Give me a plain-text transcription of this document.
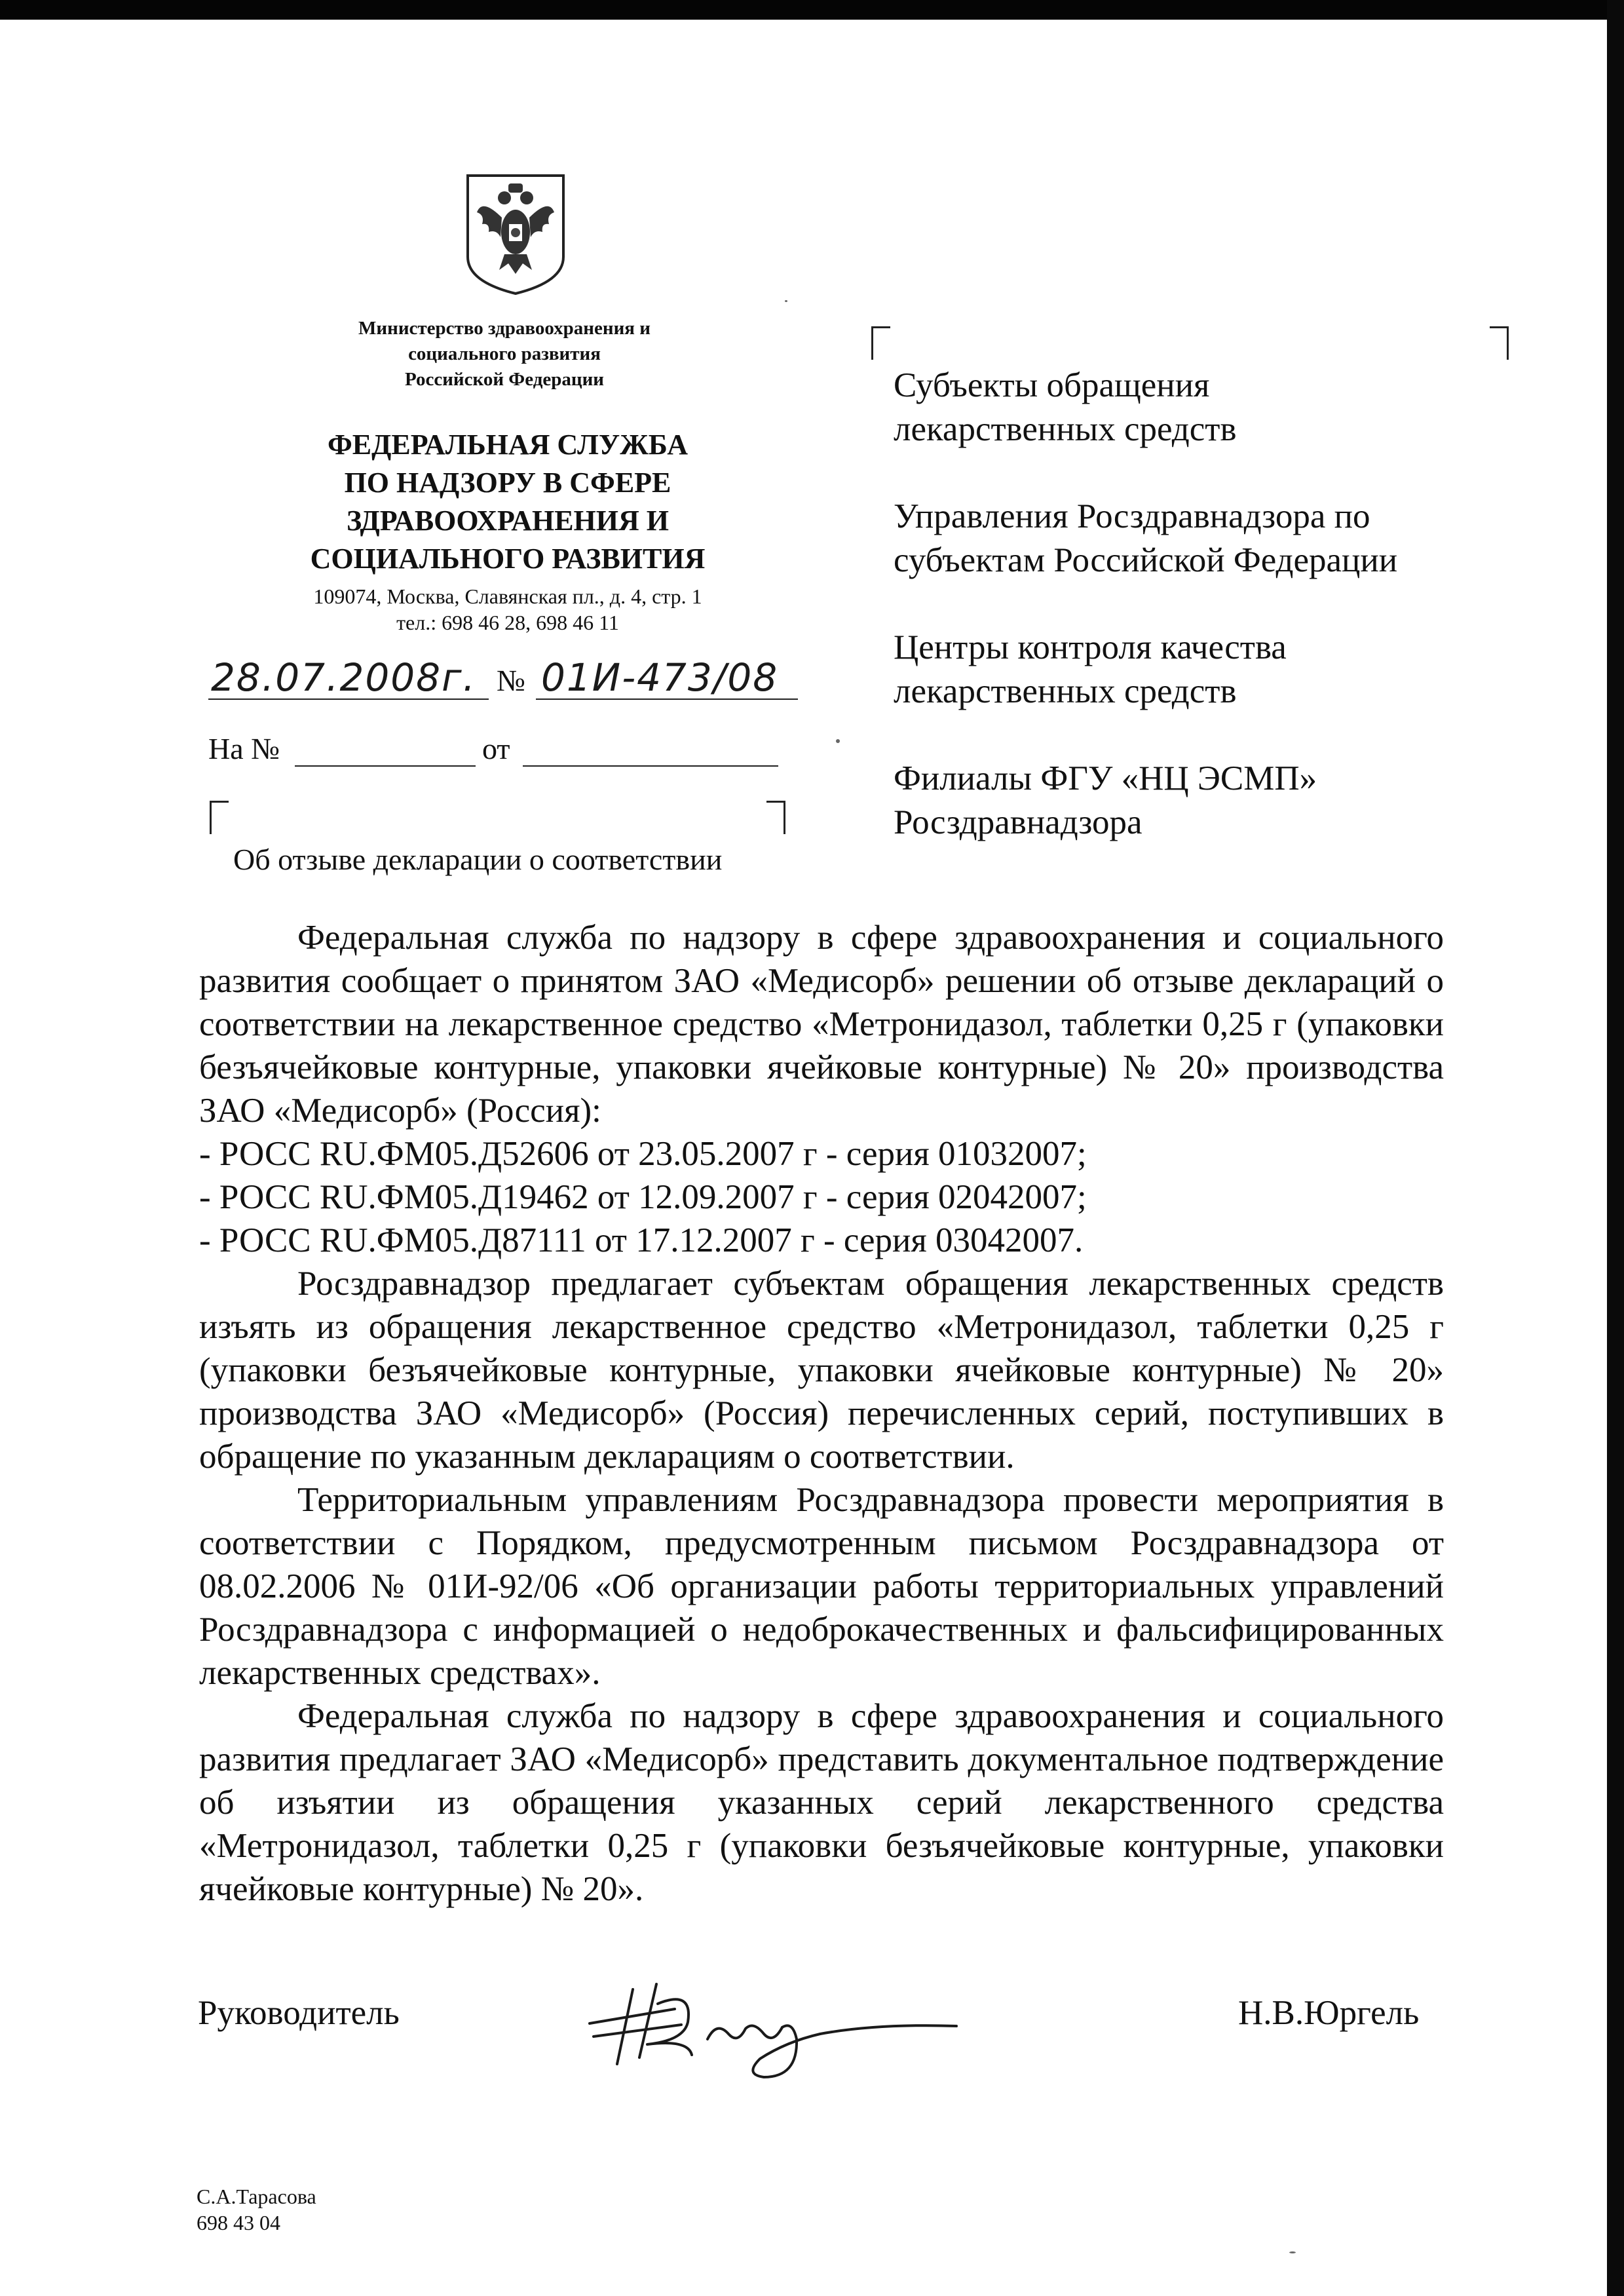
Министерство здравоохранения и
социального развития
Российской Федерации
ФЕДЕРАЛЬНАЯ СЛУЖБА
ПО НАДЗОРУ В СФЕРЕ
ЗДРАВООХРАНЕНИЯ И
СОЦИАЛЬНОГО РАЗВИТИЯ
109074, Москва, Славянская пл., д. 4, стр. 1
тел.: 698 46 28, 698 46 11
28.07.2008г. № 01И-473/08
На №	от
Об отзыве декларации о соответствии
Субъекты обращения
лекарственных средств
Управления Росздравнадзора по
субъектам Российской Федерации
Центры контроля качества
лекарственных средств
Филиалы ФГУ «НЦ ЭСМП»
Росздравнадзора

Федеральная служба по надзору в сфере здравоохранения и социального развития сообщает о принятом ЗАО «Медисорб» решении об отзыве деклараций о соответствии на лекарственное средство «Метронидазол, таблетки 0,25 г (упаковки безъячейковые контурные, упаковки ячейковые контурные) № 20» производства ЗАО «Медисорб» (Россия):

- РОСС RU.ФМ05.Д52606 от 23.05.2007 г - серия 01032007;

- РОСС RU.ФМ05.Д19462 от 12.09.2007 г - серия 02042007;

- РОСС RU.ФМ05.Д87111 от 17.12.2007 г - серия 03042007.

Росздравнадзор предлагает субъектам обращения лекарственных средств изъять из обращения лекарственное средство «Метронидазол, таблетки 0,25 г (упаковки безъячейковые контурные, упаковки ячейковые контурные) № 20» производства ЗАО «Медисорб» (Россия) перечисленных серий, поступивших в обращение по указанным декларациям о соответствии.

Территориальным управлениям Росздравнадзора провести мероприятия в соответствии с Порядком, предусмотренным письмом Росздравнадзора от 08.02.2006 № 01И-92/06 «Об организации работы территориальных управлений Росздравнадзора с информацией о недоброкачественных и фальсифицированных лекарственных средствах».

Федеральная служба по надзору в сфере здравоохранения и социального развития предлагает ЗАО «Медисорб» представить документальное подтверждение об изъятии из обращения указанных серий лекарственного средства «Метронидазол, таблетки 0,25 г (упаковки безъячейковые контурные, упаковки ячейковые контурные) № 20».

Руководитель	Н.В.Юргель
С.А.Тарасова
698 43 04
